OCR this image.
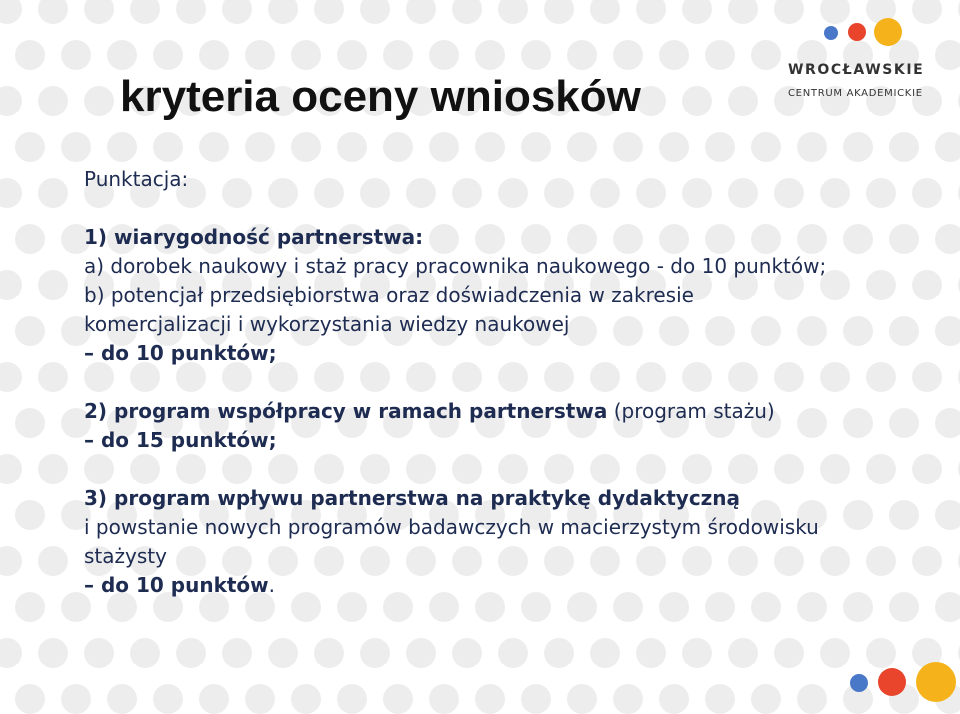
WROCŁAWSKIE
CENTRUM AKADEMICKIE
kryteria oceny wniosków

Punktacja:

1) wiarygodność partnerstwa:

a) dorobek naukowy i staż pracy pracownika naukowego - do 10 punktów;

b) potencjał przedsiębiorstwa oraz doświadczenia w zakresie

komercjalizacji i wykorzystania wiedzy naukowej

– do 10 punktów;

2) program współpracy w ramach partnerstwa (program stażu)

– do 15 punktów;

3) program wpływu partnerstwa na praktykę dydaktyczną

i powstanie nowych programów badawczych w macierzystym środowisku stażysty

– do 10 punktów.
